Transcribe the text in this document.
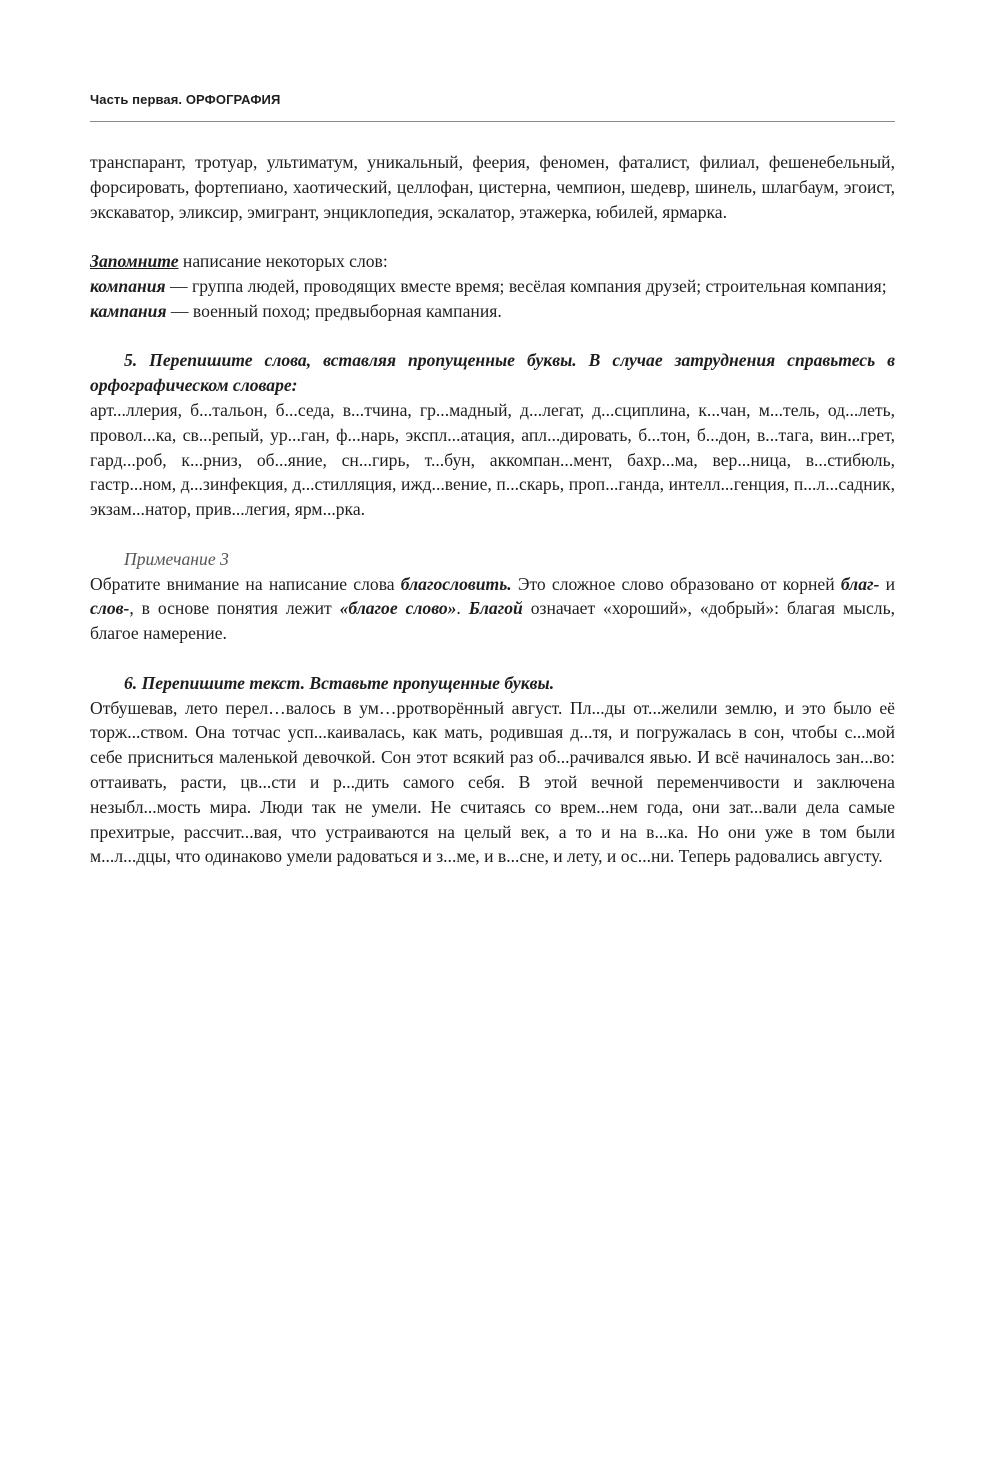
Часть первая. ОРФОГРАФИЯ

транспарант, тротуар, ультиматум, уникальный, феерия, феномен, фаталист, филиал, фешенебельный, форсировать, фортепиано, хаотический, целлофан, цистерна, чемпион, шедевр, шинель, шлагбаум, эгоист, экскаватор, эликсир, эмигрант, энциклопедия, эскалатор, этажерка, юбилей, ярмарка.

Запомните написание некоторых слов:

компания — группа людей, проводящих вместе время; весёлая компания друзей; строительная компания;

кампания — военный поход; предвыборная кампания.

5. Перепишите слова, вставляя пропущенные буквы. В случае затруднения справьтесь в орфографическом словаре:

арт...ллерия, б...тальон, б...седа, в...тчина, гр...мадный, д...легат, д...сциплина, к...чан, м...тель, од...леть, провол...ка, св...репый, ур...ган, ф...нарь, экспл...атация, апл...дировать, б...тон, б...дон, в...тага, вин...грет, гард...роб, к...рниз, об...яние, сн...гирь, т...бун, аккомпан...мент, бахр...ма, вер...ница, в...стибюль, гастр...ном, д...зинфекция, д...стилляция, ижд...вение, п...скарь, проп...ганда, интелл...генция, п...л...садник, экзам...натор, прив...легия, ярм...рка.

Примечание 3

Обратите внимание на написание слова благословить. Это сложное слово образовано от корней благ- и слов-, в основе понятия лежит «благое слово». Благой означает «хороший», «добрый»: благая мысль, благое намерение.

6. Перепишите текст. Вставьте пропущенные буквы.

Отбушевав, лето перел…валось в ум…рротворённый август. Пл...ды от...желили землю, и это было её торж...ством. Она тотчас усп...каивалась, как мать, родившая д...тя, и погружалась в сон, чтобы с...мой себе присниться маленькой девочкой. Сон этот всякий раз об...рачивался явью. И всё начиналось зан...во: оттаивать, расти, цв...сти и р...дить самого себя. В этой вечной переменчивости и заключена незыбл...мость мира. Люди так не умели. Не считаясь со врем...нем года, они зат...вали дела самые прехитрые, рассчит...вая, что устраиваются на целый век, а то и на в...ка. Но они уже в том были м...л...дцы, что одинаково умели радоваться и з...ме, и в...сне, и лету, и ос...ни. Теперь радовались августу.
